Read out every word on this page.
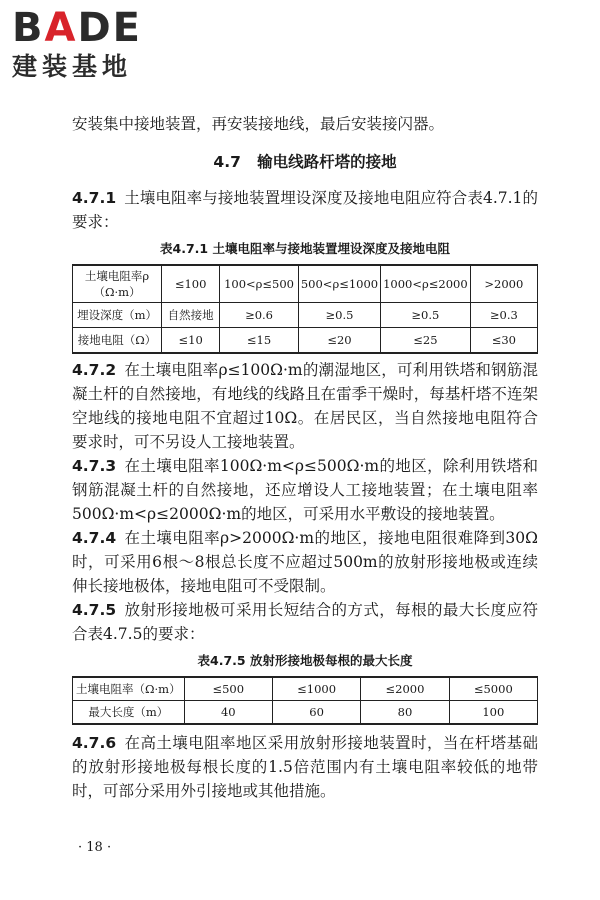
BADE
建装基地

安装集中接地装置，再安装接地线，最后安装接闪器。

4.7 输电线路杆塔的接地

4.7.1 土壤电阻率与接地装置埋设深度及接地电阻应符合表4.7.1的要求：

表4.7.1 土壤电阻率与接地装置埋设深度及接地电阻
土壤电阻率ρ（Ω·m）	≤100	100<ρ≤500	500<ρ≤1000	1000<ρ≤2000	>2000
埋设深度（m）	自然接地	≥0.6	≥0.5	≥0.5	≥0.3
接地电阻（Ω）	≤10	≤15	≤20	≤25	≤30

4.7.2 在土壤电阻率ρ≤100Ω·m的潮湿地区，可利用铁塔和钢筋混凝土杆的自然接地，有地线的线路且在雷季干燥时，每基杆塔不连架空地线的接地电阻不宜超过10Ω。在居民区，当自然接地电阻符合要求时，可不另设人工接地装置。

4.7.3 在土壤电阻率100Ω·m<ρ≤500Ω·m的地区，除利用铁塔和钢筋混凝土杆的自然接地，还应增设人工接地装置；在土壤电阻率500Ω·m<ρ≤2000Ω·m的地区，可采用水平敷设的接地装置。

4.7.4 在土壤电阻率ρ>2000Ω·m的地区，接地电阻很难降到30Ω时，可采用6根～8根总长度不应超过500m的放射形接地极或连续伸长接地极体，接地电阻可不受限制。

4.7.5 放射形接地极可采用长短结合的方式，每根的最大长度应符合表4.7.5的要求：

表4.7.5 放射形接地极每根的最大长度
土壤电阻率（Ω·m）	≤500	≤1000	≤2000	≤5000
最大长度（m）	40	60	80	100

4.7.6 在高土壤电阻率地区采用放射形接地装置时，当在杆塔基础的放射形接地极每根长度的1.5倍范围内有土壤电阻率较低的地带时，可部分采用外引接地或其他措施。

· 18 ·
